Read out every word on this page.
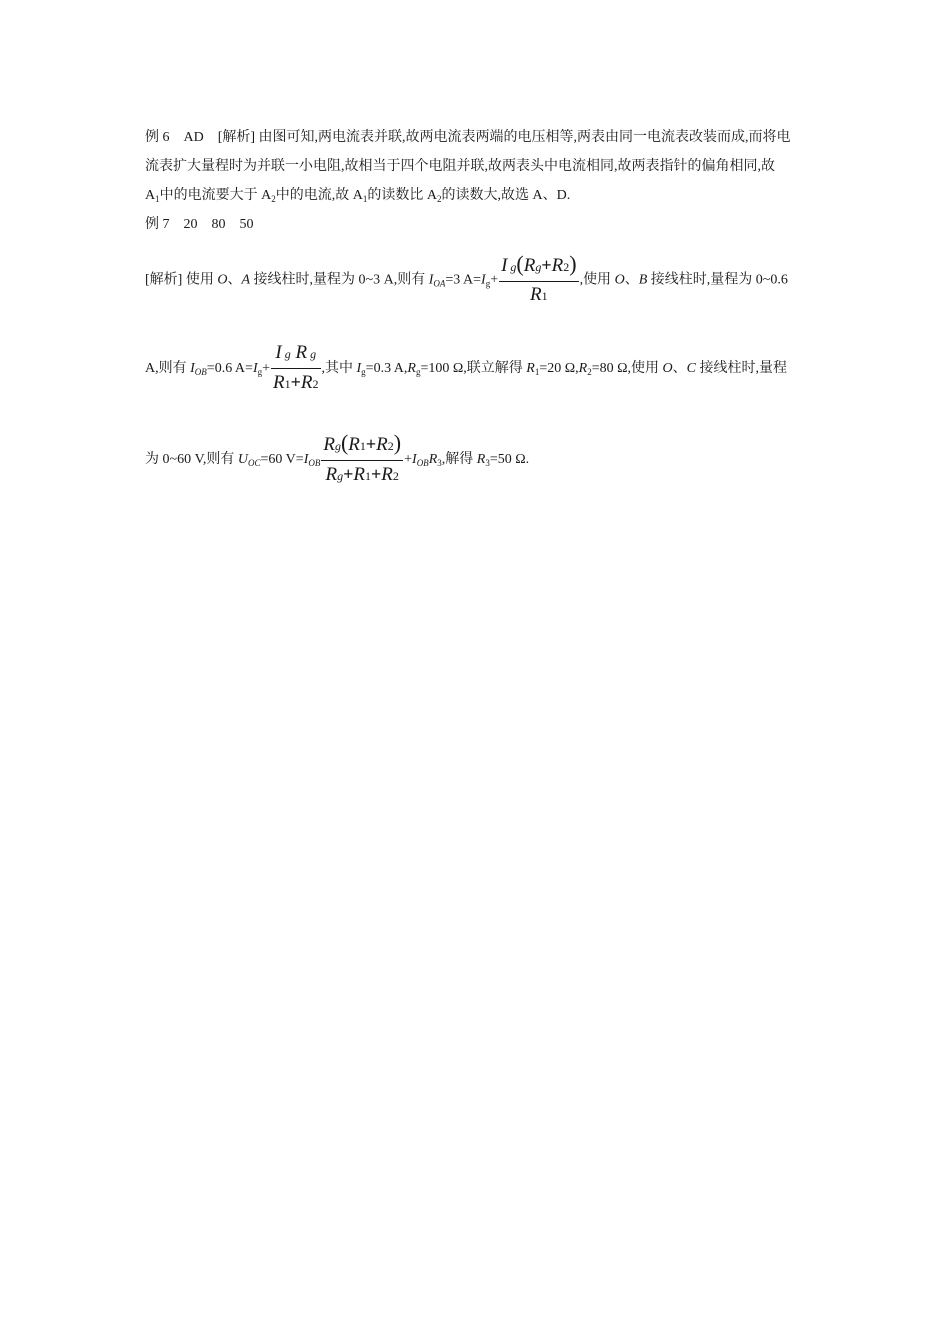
例 6 AD [解析] 由图可知,两电流表并联,故两电流表两端的电压相等,两表由同一电流表改装而成,而将电
流表扩大量程时为并联一小电阻,故相当于四个电阻并联,故两表头中电流相同,故两表指针的偏角相同,故
$A_1$中的电流要大于 $A_2$中的电流,故 $A_1$的读数比 $A_2$的读数大,故选 A、D.
例 7 20 80 50
[解析] 使用 O、A 接线柱时,量程为 0~3 A,则有 $I_{OA}=3$ $A=I_g+ \frac{\text{I g(Rg+R2)}}{R1}$ ,使用 O、B 接线柱时,量程为 0~0.6
A,则有 $I_{OB}=0.6$ $A=I_g+ \frac{\text{I g R g}}{R1+R2}$ ,其中 $I_g=0.3$ $A,R_g=100$ Ω,联立解得 $R_1=20$ $\Omega,R_2=80$ Ω,使用 O、C 接线柱时,量程
为 0~60 V,则有 $U_{OC}=60$ $V=I_{OB} \frac{Rg(R1+R2)}{Rg+R1+R2} +I_{OB}R_3$,解得 $R_3=50$ Ω.
